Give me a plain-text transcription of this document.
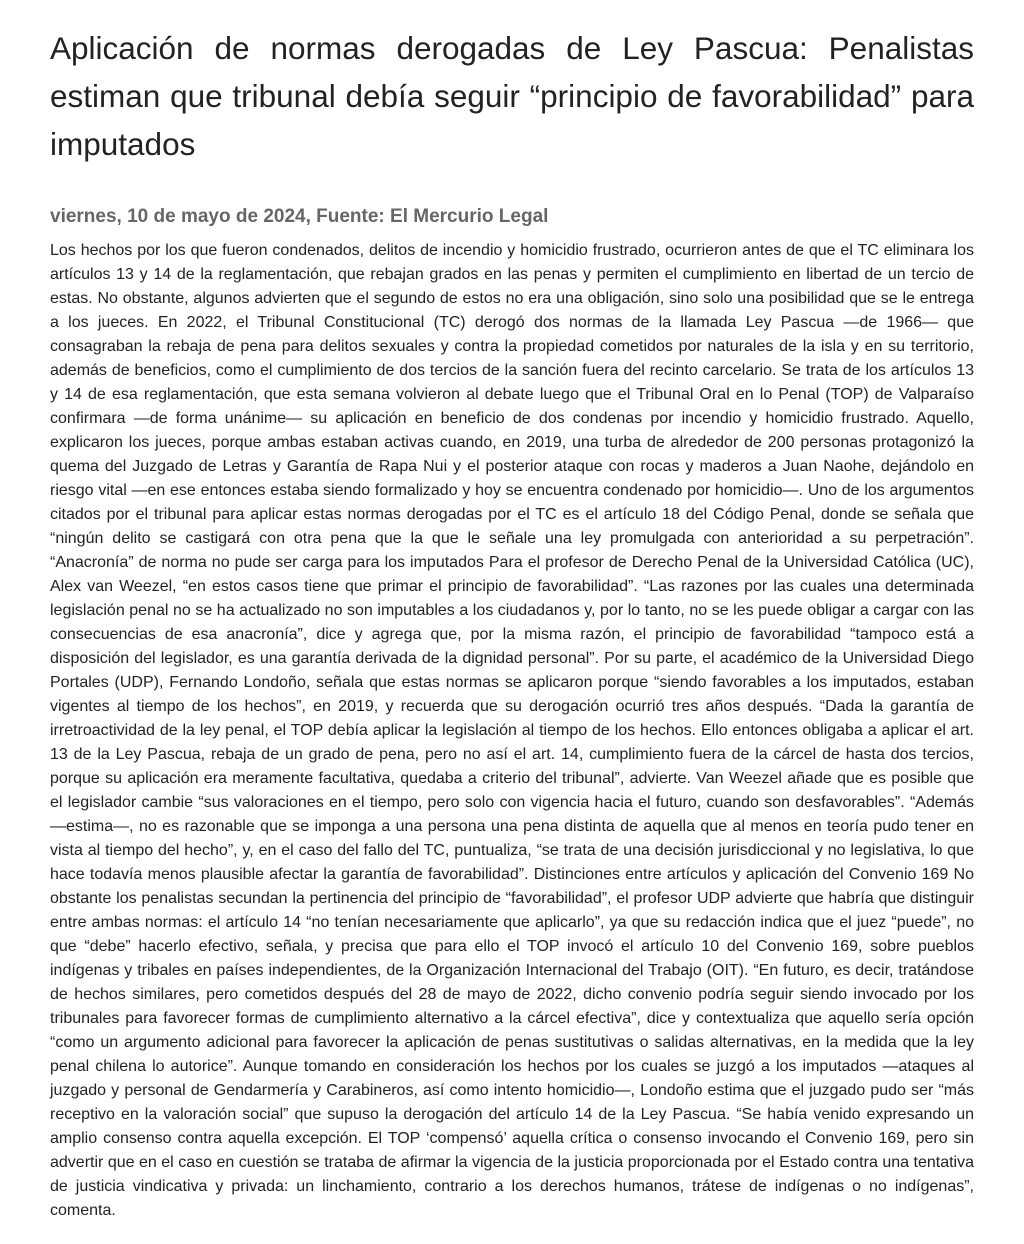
Aplicación de normas derogadas de Ley Pascua: Penalistas estiman que tribunal debía seguir “principio de favorabilidad” para imputados
viernes, 10 de mayo de 2024, Fuente: El Mercurio Legal

Los hechos por los que fueron condenados, delitos de incendio y homicidio frustrado, ocurrieron antes de que el TC eliminara los artículos 13 y 14 de la reglamentación, que rebajan grados en las penas y permiten el cumplimiento en libertad de un tercio de estas. No obstante, algunos advierten que el segundo de estos no era una obligación, sino solo una posibilidad que se le entrega a los jueces. En 2022, el Tribunal Constitucional (TC) derogó dos normas de la llamada Ley Pascua —de 1966— que consagraban la rebaja de pena para delitos sexuales y contra la propiedad cometidos por naturales de la isla y en su territorio, además de beneficios, como el cumplimiento de dos tercios de la sanción fuera del recinto carcelario. Se trata de los artículos 13 y 14 de esa reglamentación, que esta semana volvieron al debate luego que el Tribunal Oral en lo Penal (TOP) de Valparaíso confirmara —de forma unánime— su aplicación en beneficio de dos condenas por incendio y homicidio frustrado. Aquello, explicaron los jueces, porque ambas estaban activas cuando, en 2019, una turba de alrededor de 200 personas protagonizó la quema del Juzgado de Letras y Garantía de Rapa Nui y el posterior ataque con rocas y maderos a Juan Naohe, dejándolo en riesgo vital —en ese entonces estaba siendo formalizado y hoy se encuentra condenado por homicidio—. Uno de los argumentos citados por el tribunal para aplicar estas normas derogadas por el TC es el artículo 18 del Código Penal, donde se señala que “ningún delito se castigará con otra pena que la que le señale una ley promulgada con anterioridad a su perpetración”. “Anacronía” de norma no pude ser carga para los imputados Para el profesor de Derecho Penal de la Universidad Católica (UC), Alex van Weezel, “en estos casos tiene que primar el principio de favorabilidad”. “Las razones por las cuales una determinada legislación penal no se ha actualizado no son imputables a los ciudadanos y, por lo tanto, no se les puede obligar a cargar con las consecuencias de esa anacronía”, dice y agrega que, por la misma razón, el principio de favorabilidad “tampoco está a disposición del legislador, es una garantía derivada de la dignidad personal”. Por su parte, el académico de la Universidad Diego Portales (UDP), Fernando Londoño, señala que estas normas se aplicaron porque “siendo favorables a los imputados, estaban vigentes al tiempo de los hechos”, en 2019, y recuerda que su derogación ocurrió tres años después. “Dada la garantía de irretroactividad de la ley penal, el TOP debía aplicar la legislación al tiempo de los hechos. Ello entonces obligaba a aplicar el art. 13 de la Ley Pascua, rebaja de un grado de pena, pero no así el art. 14, cumplimiento fuera de la cárcel de hasta dos tercios, porque su aplicación era meramente facultativa, quedaba a criterio del tribunal”, advierte. Van Weezel añade que es posible que el legislador cambie “sus valoraciones en el tiempo, pero solo con vigencia hacia el futuro, cuando son desfavorables”. “Además —estima—, no es razonable que se imponga a una persona una pena distinta de aquella que al menos en teoría pudo tener en vista al tiempo del hecho”, y, en el caso del fallo del TC, puntualiza, “se trata de una decisión jurisdiccional y no legislativa, lo que hace todavía menos plausible afectar la garantía de favorabilidad”. Distinciones entre artículos y aplicación del Convenio 169 No obstante los penalistas secundan la pertinencia del principio de “favorabilidad”, el profesor UDP advierte que habría que distinguir entre ambas normas: el artículo 14 “no tenían necesariamente que aplicarlo”, ya que su redacción indica que el juez “puede”, no que “debe” hacerlo efectivo, señala, y precisa que para ello el TOP invocó el artículo 10 del Convenio 169, sobre pueblos indígenas y tribales en países independientes, de la Organización Internacional del Trabajo (OIT). “En futuro, es decir, tratándose de hechos similares, pero cometidos después del 28 de mayo de 2022, dicho convenio podría seguir siendo invocado por los tribunales para favorecer formas de cumplimiento alternativo a la cárcel efectiva”, dice y contextualiza que aquello sería opción “como un argumento adicional para favorecer la aplicación de penas sustitutivas o salidas alternativas, en la medida que la ley penal chilena lo autorice”. Aunque tomando en consideración los hechos por los cuales se juzgó a los imputados —ataques al juzgado y personal de Gendarmería y Carabineros, así como intento homicidio—, Londoño estima que el juzgado pudo ser “más receptivo en la valoración social” que supuso la derogación del artículo 14 de la Ley Pascua. “Se había venido expresando un amplio consenso contra aquella excepción. El TOP ‘compensó’ aquella crítica o consenso invocando el Convenio 169, pero sin advertir que en el caso en cuestión se trataba de afirmar la vigencia de la justicia proporcionada por el Estado contra una tentativa de justicia vindicativa y privada: un linchamiento, contrario a los derechos humanos, trátese de indígenas o no indígenas”, comenta.
